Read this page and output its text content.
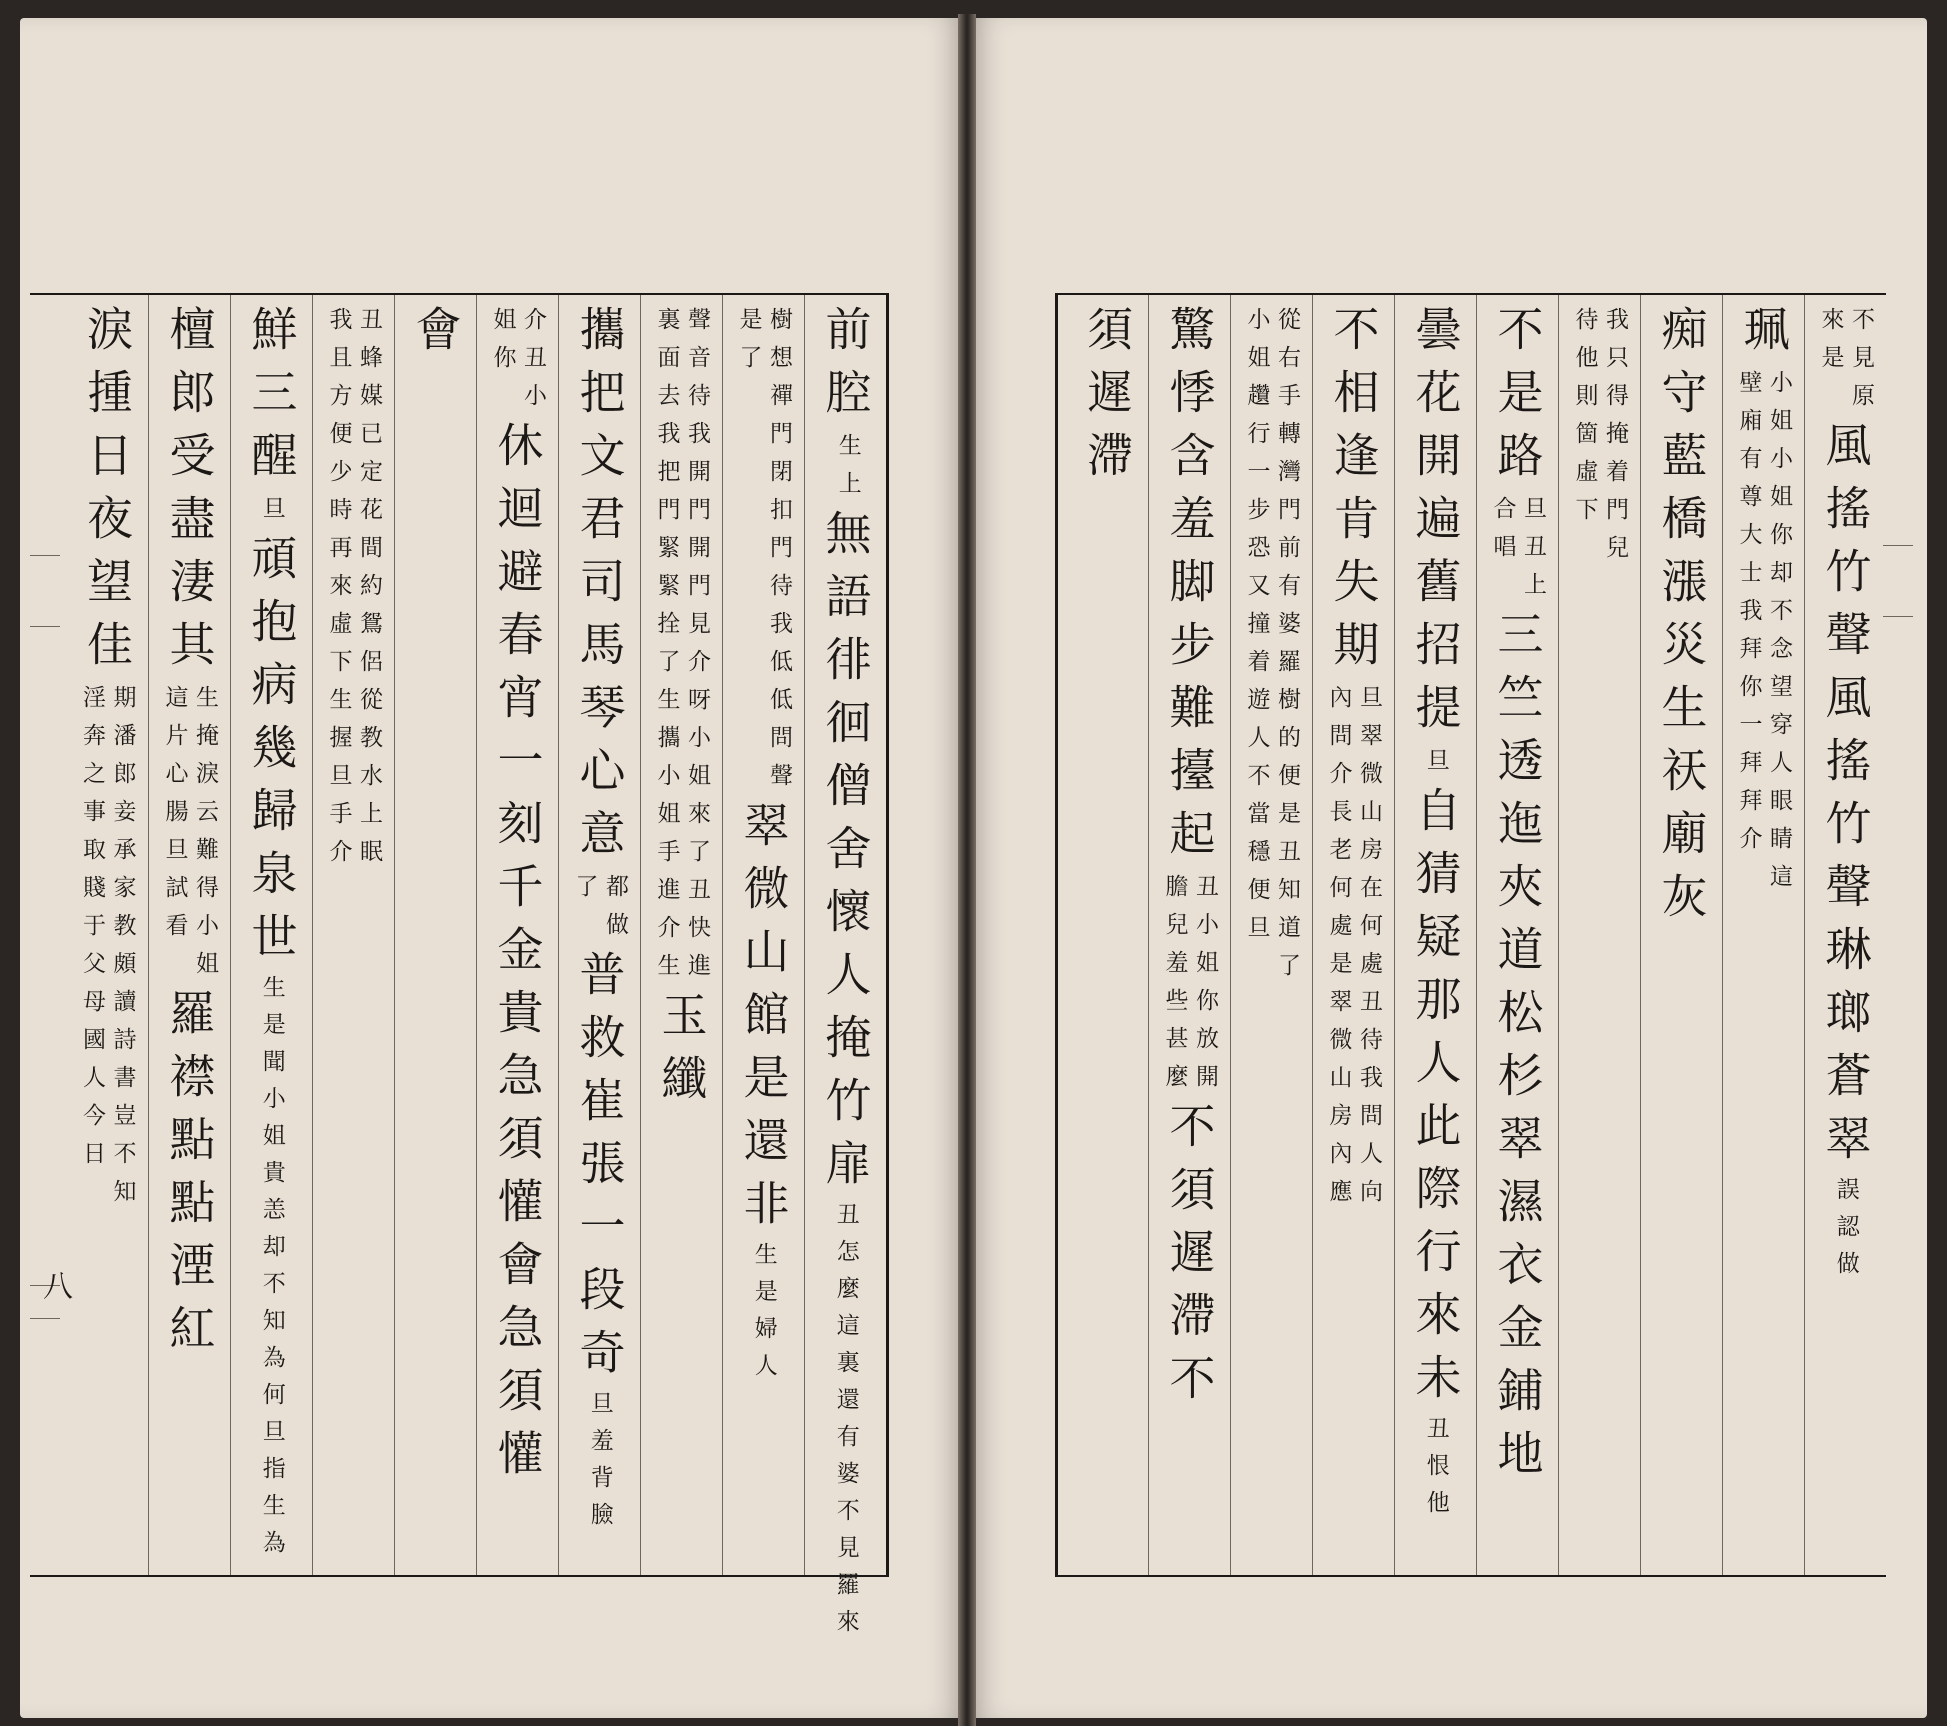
前腔
生上
無語徘徊僧舍懷人掩竹扉
丑怎麼這裏還有婆不見羅來
樹想禪門閉扣門待我低低問聲
是了
翠微山館是還非
生是婦人
聲音待我開門開門見介呀小姐來了丑快進
裏面去我把門緊緊拴了生攜小姐手進介生
玉纖
攜把文君司馬琴心意
都做
了
普救崔張一段奇
旦羞背臉
介丑小
姐你
休迴避春宵一刻千金貴急須懽會急須懽
會
丑蜂媒已定花間約鴛侶從教水上眠
我且方便少時再來虛下生握旦手介
鮮三醒
旦
頑抱病幾歸泉世
生是聞小姐貴恙却不知為何旦指生為
檀郎受盡淒其
生掩淚云難得小姐
這片心腸旦試看
羅襟點點湮紅
淚揰日夜望佳
期潘郎妾承家教頗讀詩書豈不知
淫奔之事取賤于父母國人今日
不見原
來是
風搖竹聲風搖竹聲琳瑯蒼翠
誤認做
珮
小姐小姐你却不念望穿人眼睛這
壁廂有尊大士我拜你一拜拜介
痴守藍橋漲災生祆廟灰
我只得掩着門兒
待他則箇虛下
不是路
旦丑上
合唱
三竺透迤夾道松杉翠濕衣金鋪地
曇花開遍舊招提
旦
自猜疑那人此際行來未
丑恨他
不相逢肯失期
旦翠微山房在何處丑待我問人向
內問介長老何處是翠微山房內應
從右手轉灣門前有婆羅樹的便是丑知道了
小姐趲行一步恐又撞着遊人不當穩便旦
驚悸含羞脚步難擡起
丑小姐你放開
膽兒羞些甚麼
不須遲滯不
須遲滯
八
